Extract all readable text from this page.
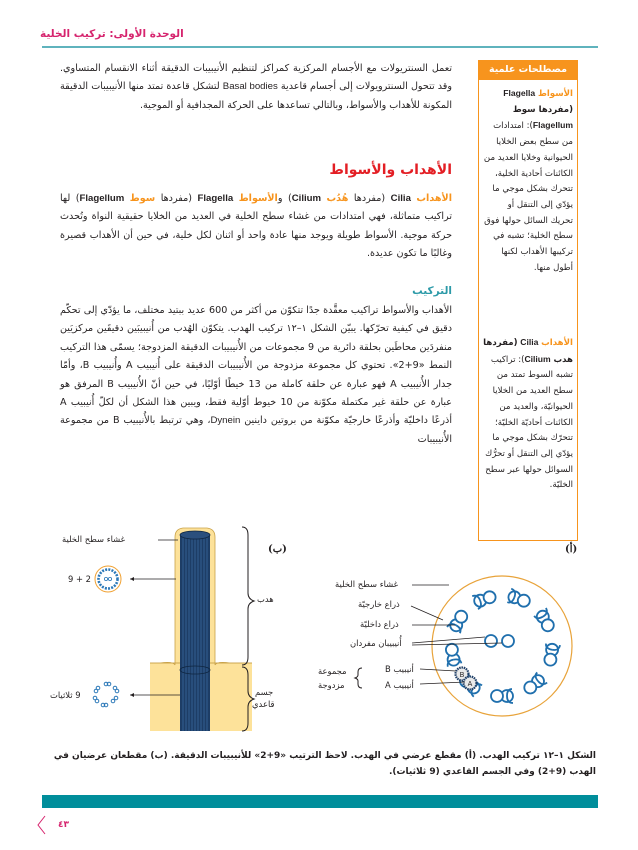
الوحدة الأولى: تركيب الخلية
مصطلحات علمية
الأسواط Flagella (مفردها سوط Flagellum): امتدادات من سطح بعض الخلايا الحيوانية وخلايا العديد من الكائنات أحادية الخلية، تتحرك بشكل موجي ما يؤدّي إلى التنقل أو تحريك السائل حولها فوق سطح الخلية؛ تشبه في تركيبها الأهداب لكنها أطول منها.
الأهداب Cilia (مفردها هدب Cilium): تراكيب تشبه السوط تمتد من سطح العديد من الخلايا الحيوانيّة، والعديد من الكائنات أحاديّة الخليّة؛ تتحرّك بشكل موجي ما يؤدّي إلى التنقل أو تحرُّك السوائل حولها عبر سطح الخليّة.
تعمل السنتريولات مع الأجسام المركزية كمراكز لتنظيم الأنيبيبات الدقيقة أثناء الانقسام المتساوي. وقد تتحول السنترويولات إلى أجسام قاعدية Basal bodies لتشكل قاعدة تمتد منها الأنيبيبات الدقيقة المكونة للأهداب والأسواط، وبالتالي تساعدها على الحركة المجدافية أو الموجية.
الأهداب والأسواط
الأهداب Cilia (مفردها هُدُب Cilium) والأسواط Flagella (مفردها سوط Flagellum) لها تراكيب متماثلة، فهي امتدادات من غشاء سطح الخلية في العديد من الخلايا حقيقية النواة وتُحدث حركة موجية. الأسواط طويلة ويوجد منها عادة واحد أو اثنان لكل خلية، في حين أن الأهداب قصيرة وغالبًا ما تكون عديدة.
التركيب
الأهداب والأسواط تراكيب معقَّدة جدًا تتكوّن من أكثر من 600 عديد ببتيد مختلف، ما يؤدّي إلى تحكّم دقيق في كيفية تحرّكها. يبيّن الشكل ١–١٢ تركيب الهدب. يتكوّن الهُدب من أُنيبيبَين دقيقَين مركزيَين منفردَين محاطَين بحلقة دائرية من 9 مجموعات من الأُنيبيبات الدقيقة المزدوجة؛ يسمّى هذا التركيب النمط «9+2». تحتوي كل مجموعة مزدوجة من الأُنيبيبات الدقيقة على أُنيبيب A وأُنيبيب B، وأمّا جدار الأُنيبيب A فهو عبارة عن حلقة كاملة من 13 خيطًا أوّليًا، في حين أنّ الأُنيبيب B المرفق هو عبارة عن حلقة غير مكتملة مكوّنة من 10 خيوط أوّلية فقط، ويبين هذا الشكل أن لكلّ أُنيبيب A أذرعًا داخليّة وأذرعًا خارجيّة مكوّنة من بروتين داينين Dynein، وهي ترتبط بالأُنيبيب B من مجموعة الأُنيبيبات
B
A
(ب)
غشاء سطح الخلية
9 + 2
هدب
جسم
قاعدي
9 ثلاثيات
(أ)
غشاء سطح الخلية
ذراع خارجيّة
ذراع داخليّة
أُنيبيبان مفردان
أنيبيب B
أنيبيب A
مجموعة
مزدوجة
الشكل ١–١٢ تركيب الهدب. (أ) مقطع عرضي في الهدب. لاحظ الترتيب «9+2» للأنيبيبات الدقيقة. (ب) مقطعان عرضيان في الهدب (9+2) وفي الجسم القاعدي (9 ثلاثيات).
٤٣
